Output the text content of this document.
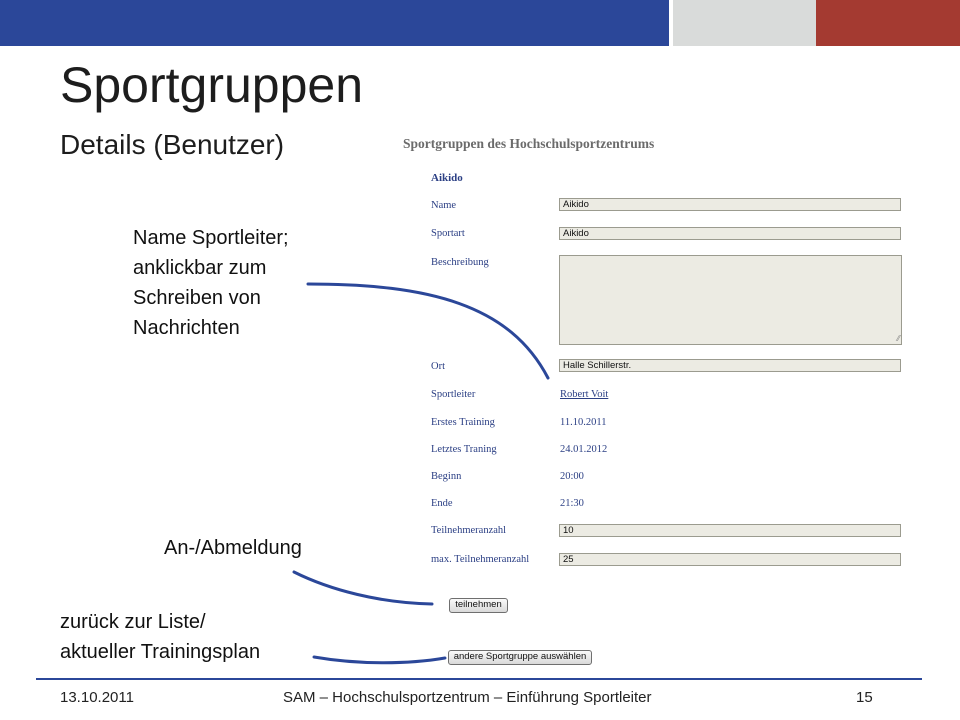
Sportgruppen
Details (Benutzer)
Name Sportleiter;
anklickbar zum
Schreiben von
Nachrichten
An-/Abmeldung
zurück zur Liste/
aktueller Trainingsplan
Sportgruppen des Hochschulsportzentrums
Aikido
Name	Aikido
Sportart	Aikido
Beschreibung
⁄⁄
Ort	Halle Schillerstr.
Sportleiter	Robert Voit
Erstes Training	11.10.2011
Letztes Traning	24.01.2012
Beginn	20:00
Ende	21:30
Teilnehmeranzahl	10
max. Teilnehmeranzahl	25
teilnehmen
andere Sportgruppe auswählen
13.10.2011	SAM – Hochschulsportzentrum – Einführung Sportleiter	15
